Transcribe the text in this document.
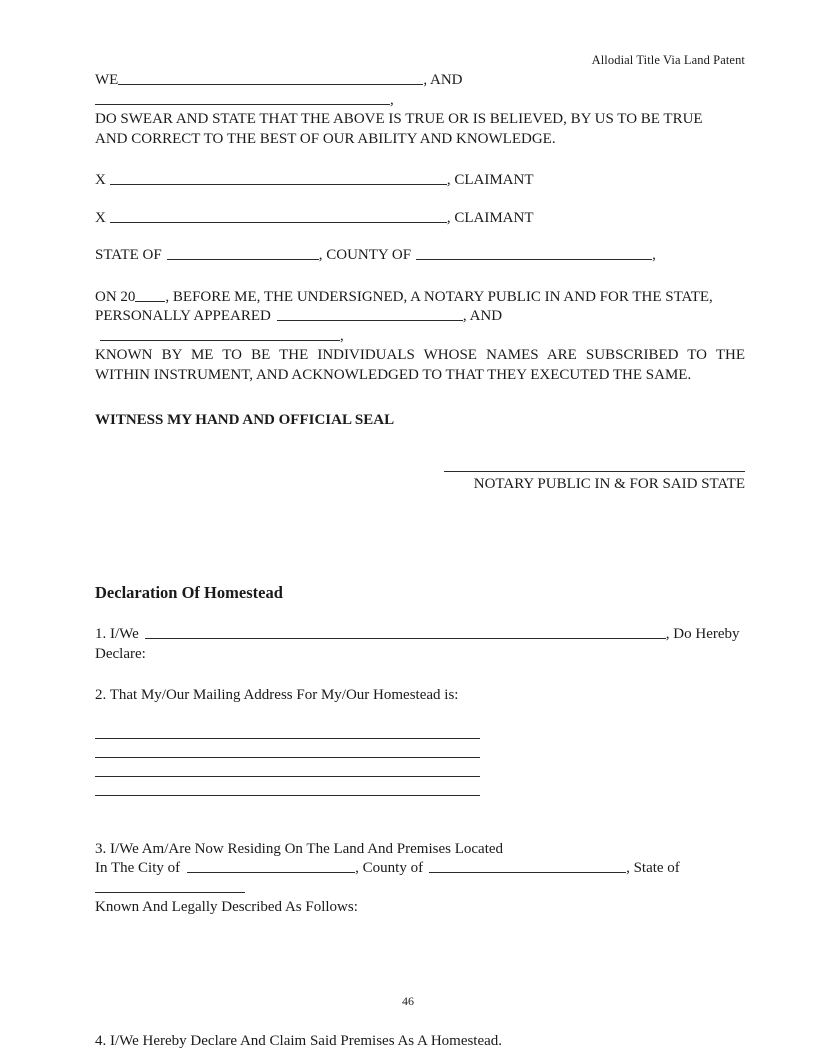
Allodial Title Via Land Patent
WE	, AND,
DO SWEAR AND STATE THAT THE ABOVE IS TRUE OR IS BELIEVED, BY US TO BE TRUE
AND CORRECT TO THE BEST OF OUR ABILITY AND KNOWLEDGE.
X	, CLAIMANT
X	, CLAIMANT
STATE OF	, COUNTY OF	,
ON 20 , BEFORE ME, THE UNDERSIGNED, A NOTARY PUBLIC IN AND FOR THE STATE,
PERSONALLY APPEARED	, AND,
KNOWN BY ME TO BE THE INDIVIDUALS WHOSE NAMES ARE SUBSCRIBED TO THE
WITHIN INSTRUMENT, AND ACKNOWLEDGED TO THAT THEY EXECUTED THE SAME.
WITNESS MY HAND AND OFFICIAL SEAL
NOTARY PUBLIC IN & FOR SAID STATE
Declaration Of Homestead
1. I/We	, Do Hereby
Declare:
2. That My/Our Mailing Address For My/Our Homestead is:
3. I/We Am/Are Now Residing On The Land And Premises Located
In The City of	, County of	, State of
Known And Legally Described As Follows:
4. I/We Hereby Declare And Claim Said Premises As A Homestead.
46
